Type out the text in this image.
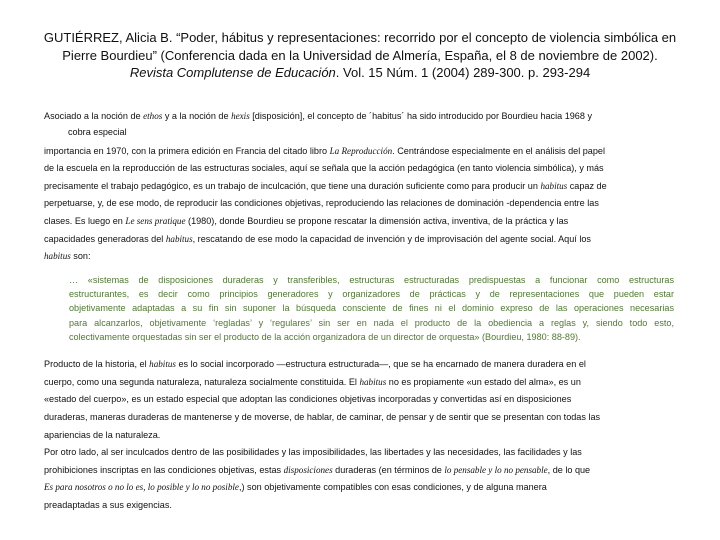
GUTIÉRREZ, Alicia B. “Poder, hábitus y representaciones: recorrido por el concepto de violencia simbólica en
Pierre Bourdieu” (Conferencia dada en la Universidad de Almería, España, el 8 de noviembre de 2002).
Revista Complutense de Educación. Vol. 15 Núm. 1 (2004) 289-300. p. 293-294

Asociado a la noción de ethos y a la noción de hexis [disposición], el concepto de ´habitus´ ha sido introducido por Bourdieu hacia 1968 y
cobra especial
importancia en 1970, con la primera edición en Francia del citado libro La Reproducción. Centrándose especialmente en el análisis del papel
de la escuela en la reproducción de las estructuras sociales, aquí se señala que la acción pedagógica (en tanto violencia simbólica), y más
precisamente el trabajo pedagógico, es un trabajo de inculcación, que tiene una duración suficiente como para producir un habitus capaz de
perpetuarse, y, de ese modo, de reproducir las condiciones objetivas, reproduciendo las relaciones de dominación -dependencia entre las
clases. Es luego en Le sens pratique (1980), donde Bourdieu se propone rescatar la dimensión activa, inventiva, de la práctica y las
capacidades generadoras del habitus, rescatando de ese modo la capacidad de invención y de improvisación del agente social. Aquí los
habitus son:

… «sistemas de disposiciones duraderas y transferibles, estructuras estructuradas predispuestas a funcionar como estructuras
estructurantes, es decir como principios generadores y organizadores de prácticas y de representaciones que pueden estar
objetivamente adaptadas a su fin sin suponer la búsqueda consciente de fines ni el dominio expreso de las operaciones necesarias
para alcanzarlos, objetivamente ‘regladas’ y ‘regulares’ sin ser en nada el producto de la obediencia a reglas y, siendo todo esto,
colectivamente orquestadas sin ser el producto de la acción organizadora de un director de orquesta» (Bourdieu, 1980: 88-89).

Producto de la historia, el habitus es lo social incorporado —estructura estructurada—, que se ha encarnado de manera duradera en el
cuerpo, como una segunda naturaleza, naturaleza socialmente constituida. El habitus no es propiamente «un estado del alma», es un
«estado del cuerpo», es un estado especial que adoptan las condiciones objetivas incorporadas y convertidas así en disposiciones
duraderas, maneras duraderas de mantenerse y de moverse, de hablar, de caminar, de pensar y de sentir que se presentan con todas las
apariencias de la naturaleza.

Por otro lado, al ser inculcados dentro de las posibilidades y las imposibilidades, las libertades y las necesidades, las facilidades y las
prohibiciones inscriptas en las condiciones objetivas, estas disposiciones duraderas (en términos de lo pensable y lo no pensable, de lo que
Es para nosotros o no lo es, lo posible y lo no posible,) son objetivamente compatibles con esas condiciones, y de alguna manera
preadaptadas a sus exigencias.
